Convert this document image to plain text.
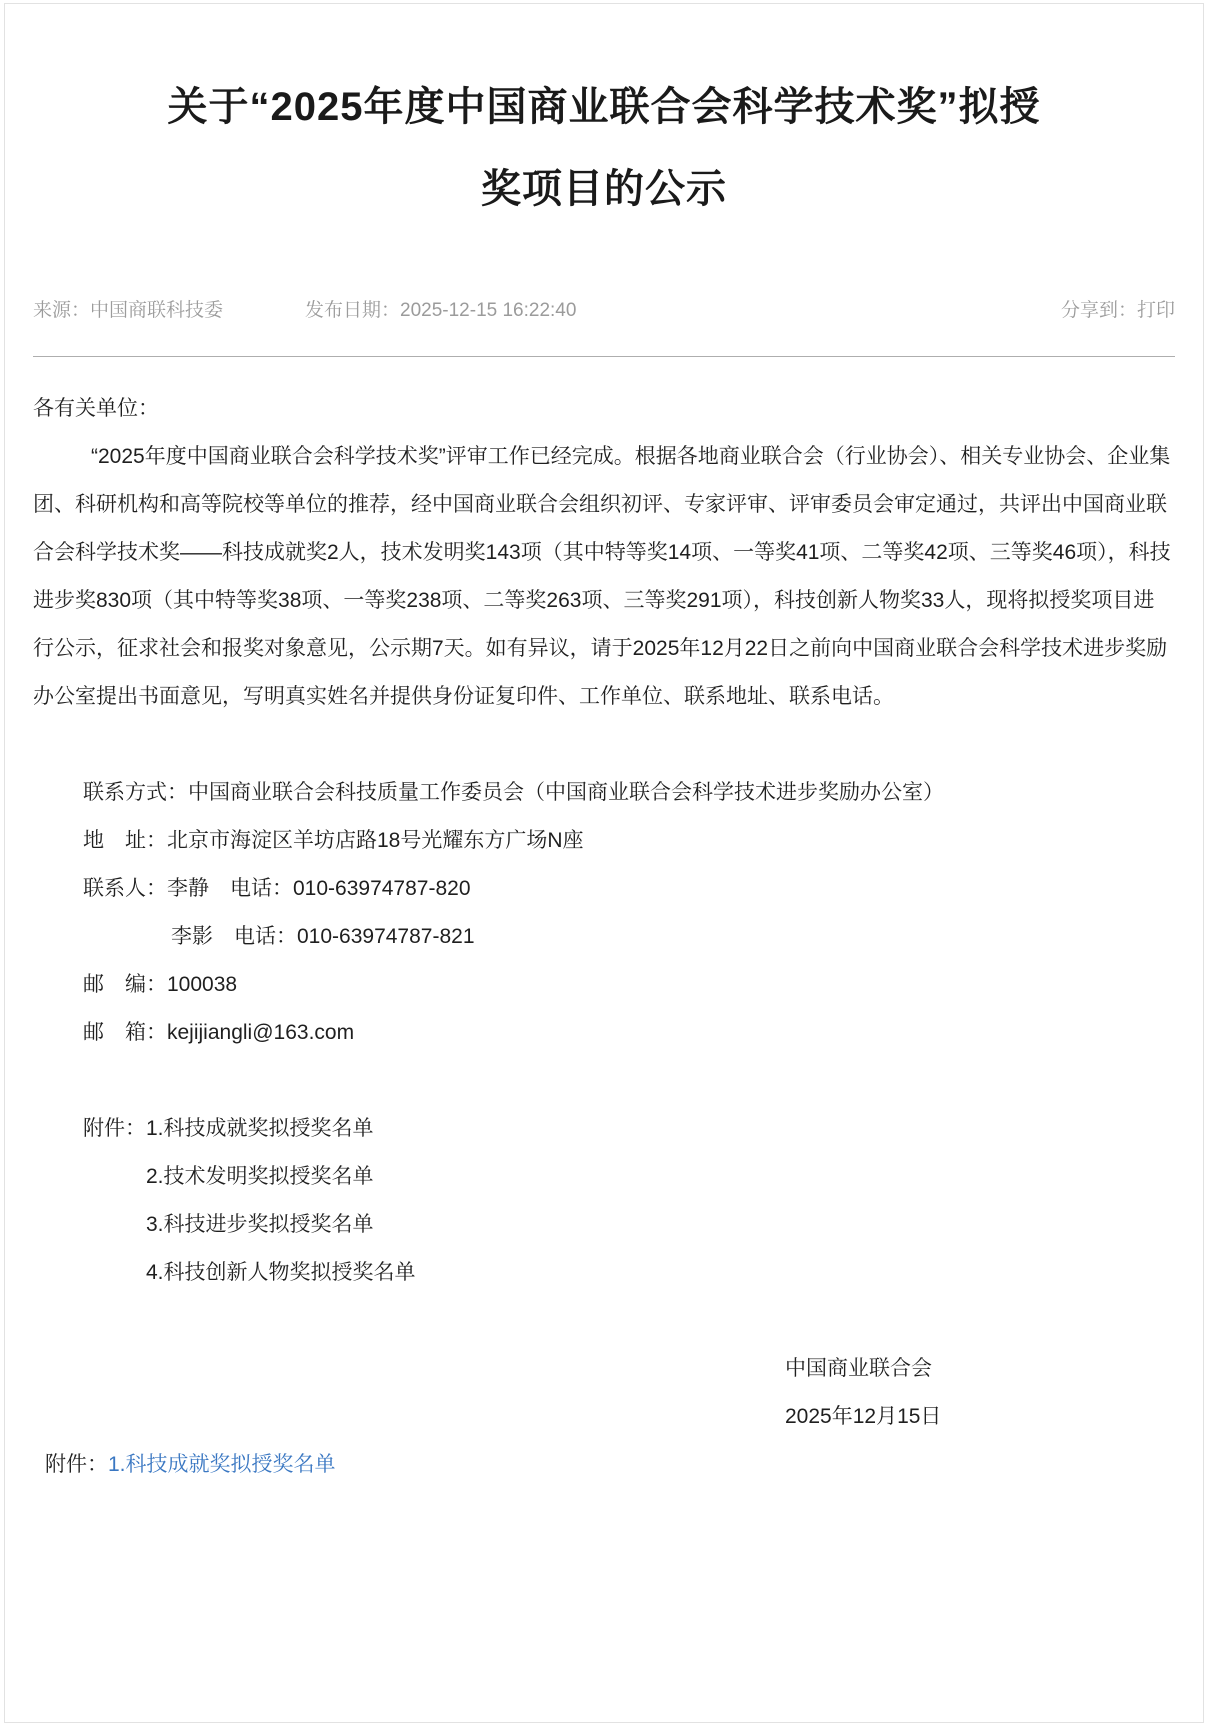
关于“2025年度中国商业联合会科学技术奖”拟授
奖项目的公示
来源：中国商联科技委	发布日期：2025-12-15 16:22:40	分享到：打印
各有关单位：
“2025年度中国商业联合会科学技术奖”评审工作已经完成。根据各地商业联合会（行业协会）、相关专业协会、企业集团、科研机构和高等院校等单位的推荐，经中国商业联合会组织初评、专家评审、评审委员会审定通过，共评出中国商业联合会科学技术奖——科技成就奖2人，技术发明奖143项（其中特等奖14项、一等奖41项、二等奖42项、三等奖46项），科技进步奖830项（其中特等奖38项、一等奖238项、二等奖263项、三等奖291项），科技创新人物奖33人，现将拟授奖项目进行公示，征求社会和报奖对象意见，公示期7天。如有异议，请于2025年12月22日之前向中国商业联合会科学技术进步奖励办公室提出书面意见，写明真实姓名并提供身份证复印件、工作单位、联系地址、联系电话。
联系方式：中国商业联合会科技质量工作委员会（中国商业联合会科学技术进步奖励办公室）
地　址：北京市海淀区羊坊店路18号光耀东方广场N座
联系人：李静　电话：010-63974787-820
李影　电话：010-63974787-821
邮　编：100038
邮　箱：kejijiangli@163.com
附件： 1.科技成就奖拟授奖名单
2.技术发明奖拟授奖名单
3.科技进步奖拟授奖名单
4.科技创新人物奖拟授奖名单
中国商业联合会
2025年12月15日
附件： 1.科技成就奖拟授奖名单
